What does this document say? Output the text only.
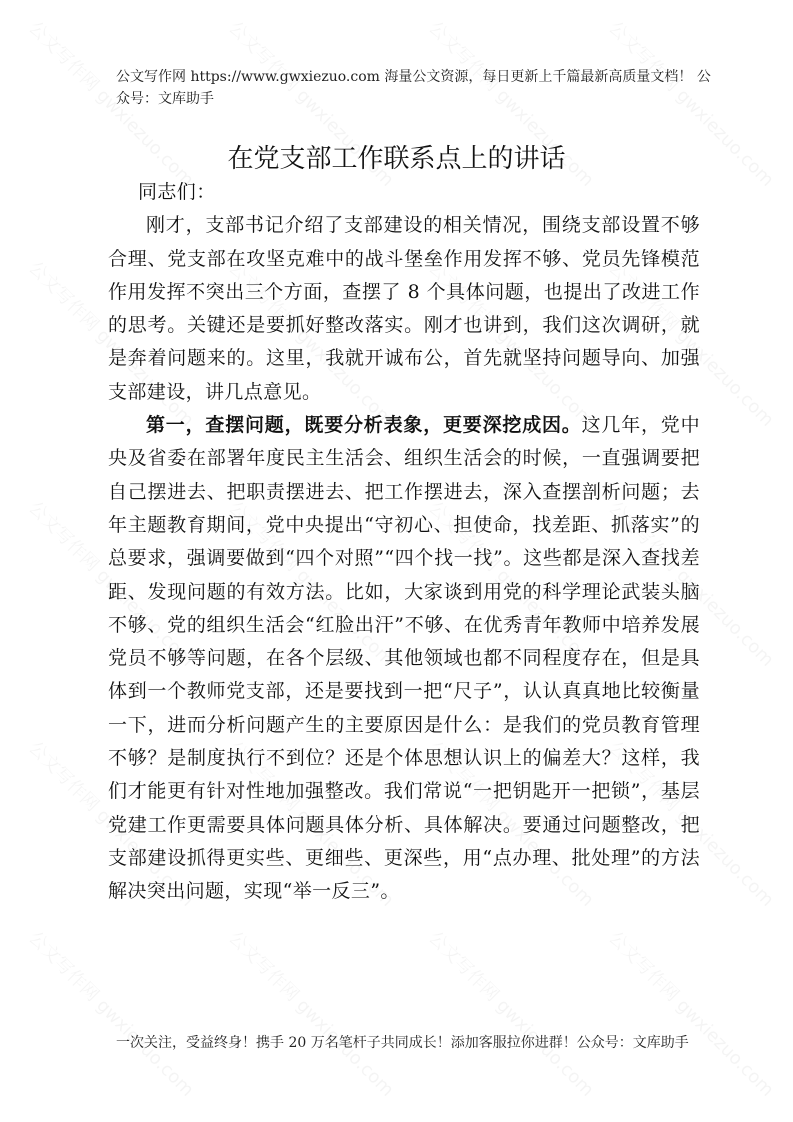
公文写作网 https://www.gwxiezuo.com 海量公文资源，每日更新上千篇最新高质量文档！ 公众号：文库助手
在党支部工作联系点上的讲话

同志们：

刚才，支部书记介绍了支部建设的相关情况，围绕支部设置不够合理、党支部在攻坚克难中的战斗堡垒作用发挥不够、党员先锋模范作用发挥不突出三个方面，查摆了 8 个具体问题，也提出了改进工作的思考。关键还是要抓好整改落实。刚才也讲到，我们这次调研，就是奔着问题来的。这里，我就开诚布公，首先就坚持问题导向、加强支部建设，讲几点意见。

第一，查摆问题，既要分析表象，更要深挖成因。这几年，党中央及省委在部署年度民主生活会、组织生活会的时候，一直强调要把自己摆进去、把职责摆进去、把工作摆进去，深入查摆剖析问题；去年主题教育期间，党中央提出“守初心、担使命，找差距、抓落实”的总要求，强调要做到“四个对照”“四个找一找”。这些都是深入查找差距、发现问题的有效方法。比如，大家谈到用党的科学理论武装头脑不够、党的组织生活会“红脸出汗”不够、在优秀青年教师中培养发展党员不够等问题，在各个层级、其他领域也都不同程度存在，但是具体到一个教师党支部，还是要找到一把“尺子”，认认真真地比较衡量一下，进而分析问题产生的主要原因是什么：是我们的党员教育管理不够？是制度执行不到位？还是个体思想认识上的偏差大？这样，我们才能更有针对性地加强整改。我们常说“一把钥匙开一把锁”，基层党建工作更需要具体问题具体分析、具体解决。要通过问题整改，把支部建设抓得更实些、更细些、更深些，用“点办理、批处理”的方法解决突出问题，实现“举一反三”。

一次关注，受益终身！携手 20 万名笔杆子共同成长！添加客服拉你进群！公众号：文库助手
